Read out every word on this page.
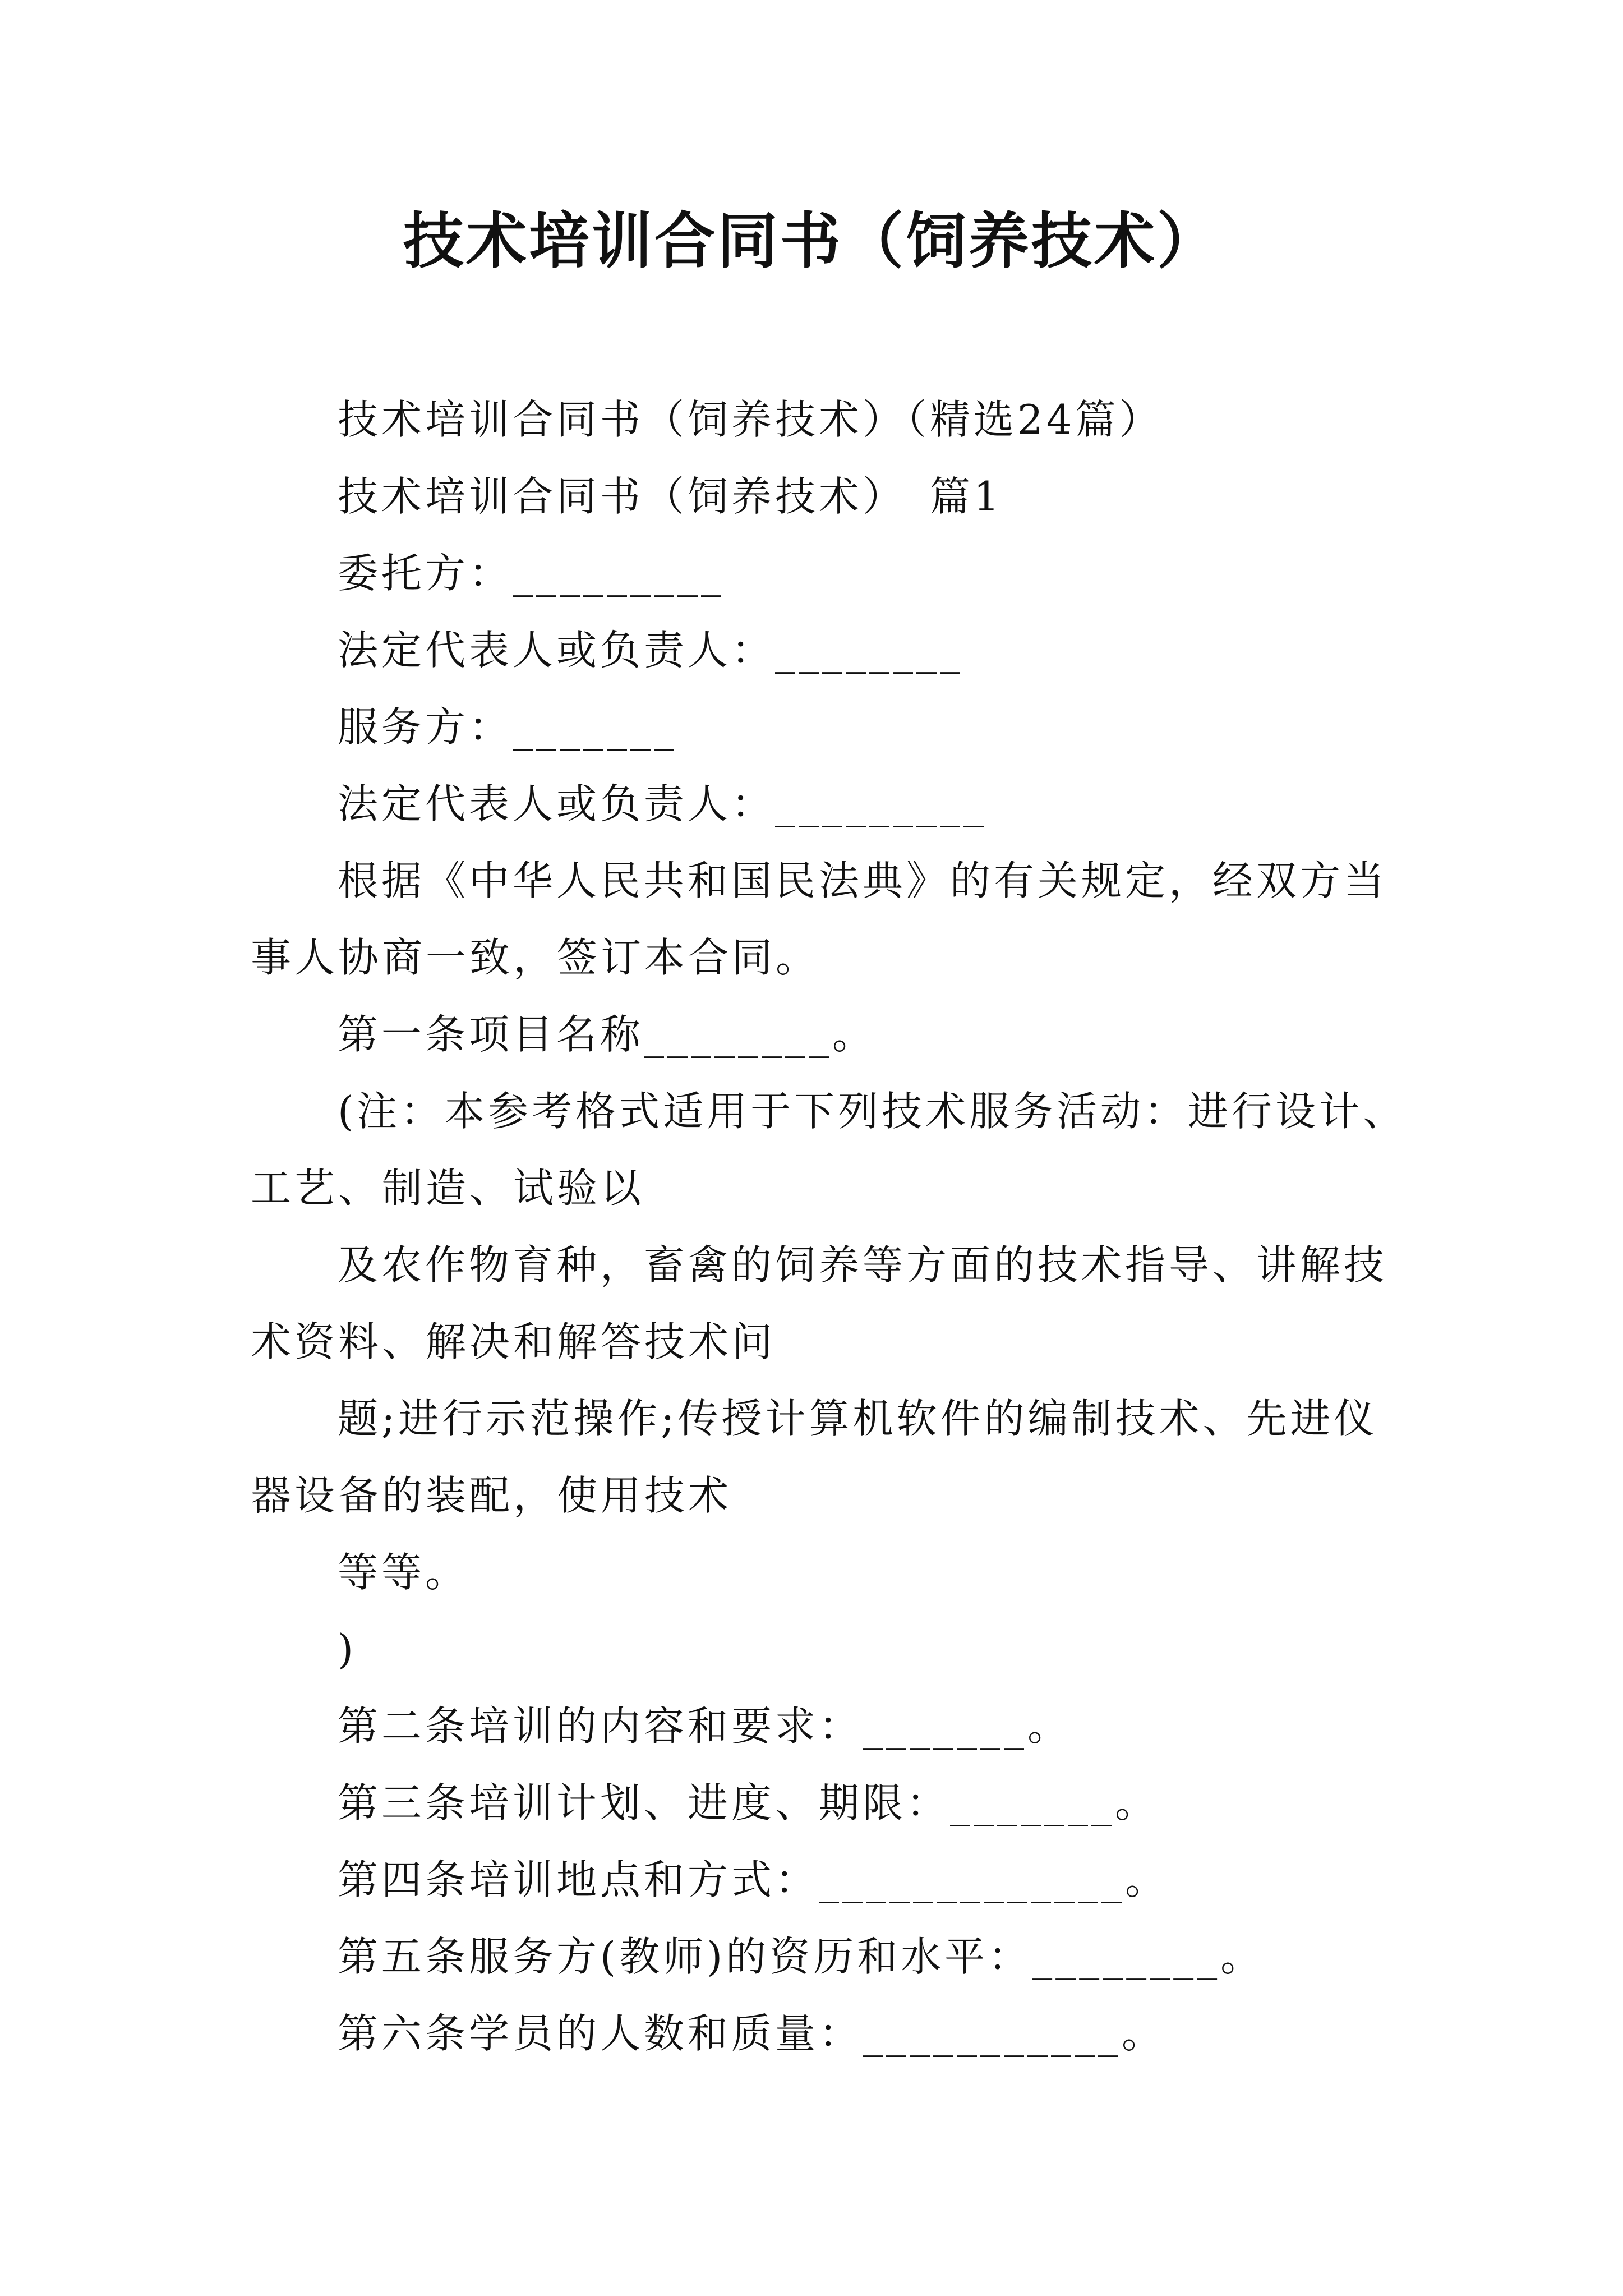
技术培训合同书（饲养技术）

技术培训合同书（饲养技术）（精选24篇）

技术培训合同书（饲养技术）　篇1

委托方：_________

法定代表人或负责人：________

服务方：_______

法定代表人或负责人：_________

根据《中华人民共和国民法典》的有关规定，经双方当

事人协商一致，签订本合同。

第一条项目名称________。

(注：本参考格式适用于下列技术服务活动：进行设计、

工艺、制造、试验以

及农作物育种，畜禽的饲养等方面的技术指导、讲解技

术资料、解决和解答技术问

题;进行示范操作;传授计算机软件的编制技术、先进仪

器设备的装配，使用技术

等等。

)

第二条培训的内容和要求：_______。

第三条培训计划、进度、期限：_______。

第四条培训地点和方式：_____________。

第五条服务方(教师)的资历和水平：________。

第六条学员的人数和质量：___________。
